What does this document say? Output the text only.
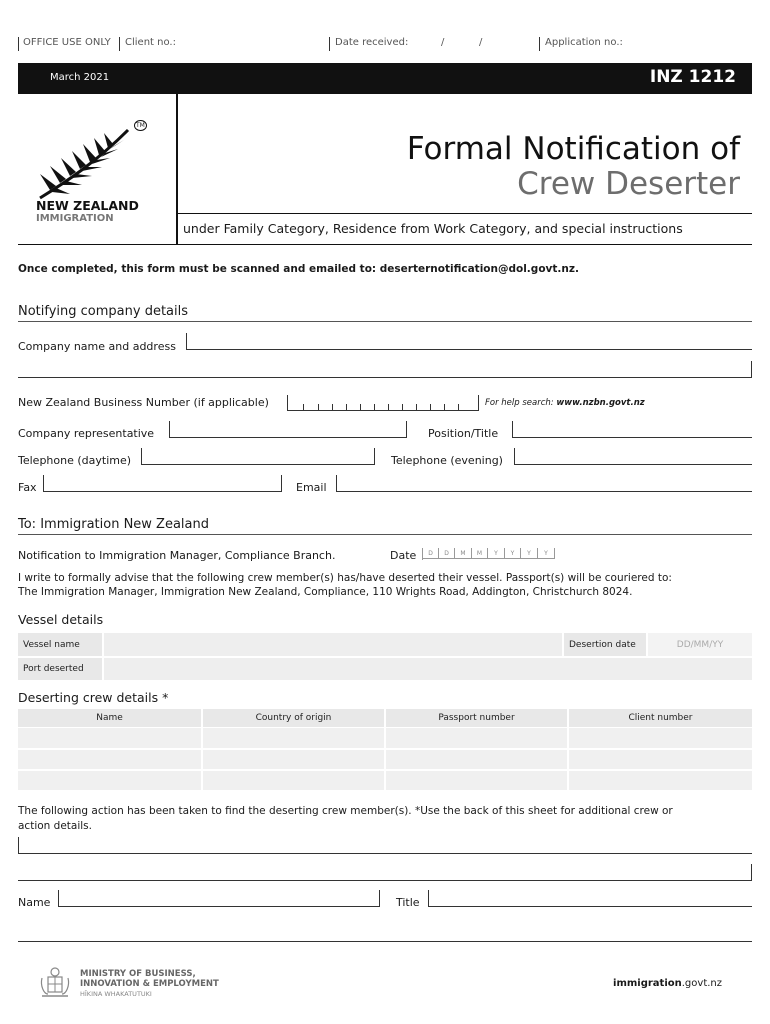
OFFICE USE ONLY Client no.:	Date received:	/	/	Application no.:
March 2021	INZ 1212
TM
NEW ZEALAND
IMMIGRATION
Formal Notification of
Crew Deserter
under Family Category, Residence from Work Category, and special instructions
Once completed, this form must be scanned and emailed to: deserternotification@dol.govt.nz.
Notifying company details
Company name and address
New Zealand Business Number (if applicable)	For help search: www.nzbn.govt.nz
Company representative	Position/Title
Telephone (daytime)	Telephone (evening)
Fax	Email
To: Immigration New Zealand
Notification to Immigration Manager, Compliance Branch.	Date	D	D	M	M	Y	Y	Y	Y
I write to formally advise that the following crew member(s) has/have deserted their vessel. Passport(s) will be couriered to:
The Immigration Manager, Immigration New Zealand, Compliance, 110 Wrights Road, Addington, Christchurch 8024.
Vessel details
Vessel name	Desertion date	DD/MM/YY
Port deserted
Deserting crew details *
Name	Country of origin	Passport number	Client number
The following action has been taken to find the deserting crew member(s). *Use the back of this sheet for additional crew or
action details.
Name	Title
MINISTRY OF BUSINESS,
INNOVATION & EMPLOYMENT
HĪKINA WHAKATUTUKI
immigration.govt.nz
